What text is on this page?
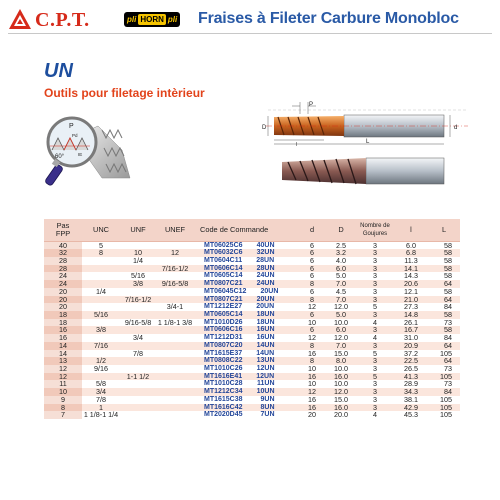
C.P.T.	pli HORN pli Fraises à Fileter Carbure Monobloc
UN
Outils pour filetage intèrieur
P
60°	IE
Pd
P
d
D
L
l
Pas
FPP	UNC	UNF	UNEF	Code de Commande	d	D	Nombre de Goujures	l	L
40	5			MT06025C6 40UN	6	2.5	3	6.0	58
32	8	10	12	MT06032C6 32UN	6	3.2	3	6.8	58
28		1/4		MT0604C11 28UN	6	4.0	3	11.3	58
28			7/16-1/2	MT0606C14 28UN	6	6.0	3	14.1	58
24		5/16		MT0605C14 24UN	6	5.0	3	14.3	58
24		3/8	9/16-5/8	MT0807C21 24UN	8	7.0	3	20.6	64
20	1/4			MT06045C12 20UN	6	4.5	3	12.1	58
20		7/16-1/2		MT0807C21 20UN	8	7.0	3	21.0	64
20			3/4-1	MT1212E27 20UN	12	12.0	5	27.3	84
18	5/16			MT0605C14 18UN	6	5.0	3	14.8	58
18		9/16-5/8	1 1/8-1 3/8	MT1010D26 18UN	10	10.0	4	26.1	73
16	3/8			MT0606C16 16UN	6	6.0	3	16.7	58
16		3/4		MT1212D31 16UN	12	12.0	4	31.0	84
14	7/16			MT0807C20 14UN	8	7.0	3	20.9	64
14		7/8		MT1615E37 14UN	16	15.0	5	37.2	105
13	1/2			MT0808C22 13UN	8	8.0	3	22.5	64
12	9/16			MT1010C26 12UN	10	10.0	3	26.5	73
12		1-1 1/2		MT1616E41 12UN	16	16.0	5	41.3	105
11	5/8			MT1010C28 11UN	10	10.0	3	28.9	73
10	3/4			MT1212C34 10UN	12	12.0	3	34.3	84
9	7/8			MT1615C38 9UN	16	15.0	3	38.1	105
8	1			MT1616C42 8UN	16	16.0	3	42.9	105
7	1 1/8-1 1/4			MT2020D45 7UN	20	20.0	4	45.3	105
